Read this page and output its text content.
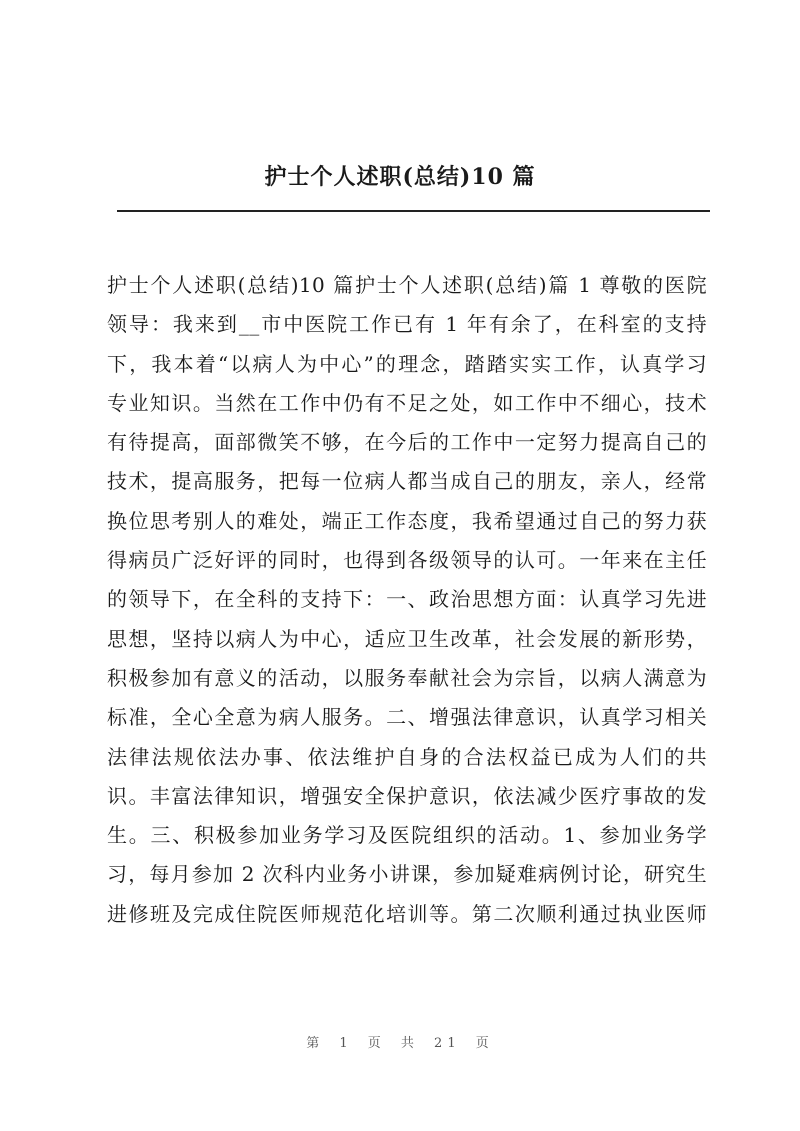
护士个人述职(总结)10 篇
护士个人述职(总结)10 篇护士个人述职(总结)篇 1 尊敬的医院
领导：我来到__市中医院工作已有 1 年有余了，在科室的支持
下，我本着“以病人为中心”的理念，踏踏实实工作，认真学习
专业知识。当然在工作中仍有不足之处，如工作中不细心，技术
有待提高，面部微笑不够，在今后的工作中一定努力提高自己的
技术，提高服务，把每一位病人都当成自己的朋友，亲人，经常
换位思考别人的难处，端正工作态度，我希望通过自己的努力获
得病员广泛好评的同时，也得到各级领导的认可。一年来在主任
的领导下，在全科的支持下：一、政治思想方面：认真学习先进
思想，坚持以病人为中心，适应卫生改革，社会发展的新形势，
积极参加有意义的活动，以服务奉献社会为宗旨，以病人满意为
标准，全心全意为病人服务。二、增强法律意识，认真学习相关
法律法规依法办事、依法维护自身的合法权益已成为人们的共
识。丰富法律知识，增强安全保护意识，依法减少医疗事故的发
生。三、积极参加业务学习及医院组织的活动。1、参加业务学
习，每月参加 2 次科内业务小讲课，参加疑难病例讨论，研究生
进修班及完成住院医师规范化培训等。第二次顺利通过执业医师
第 1 页 共 21 页
